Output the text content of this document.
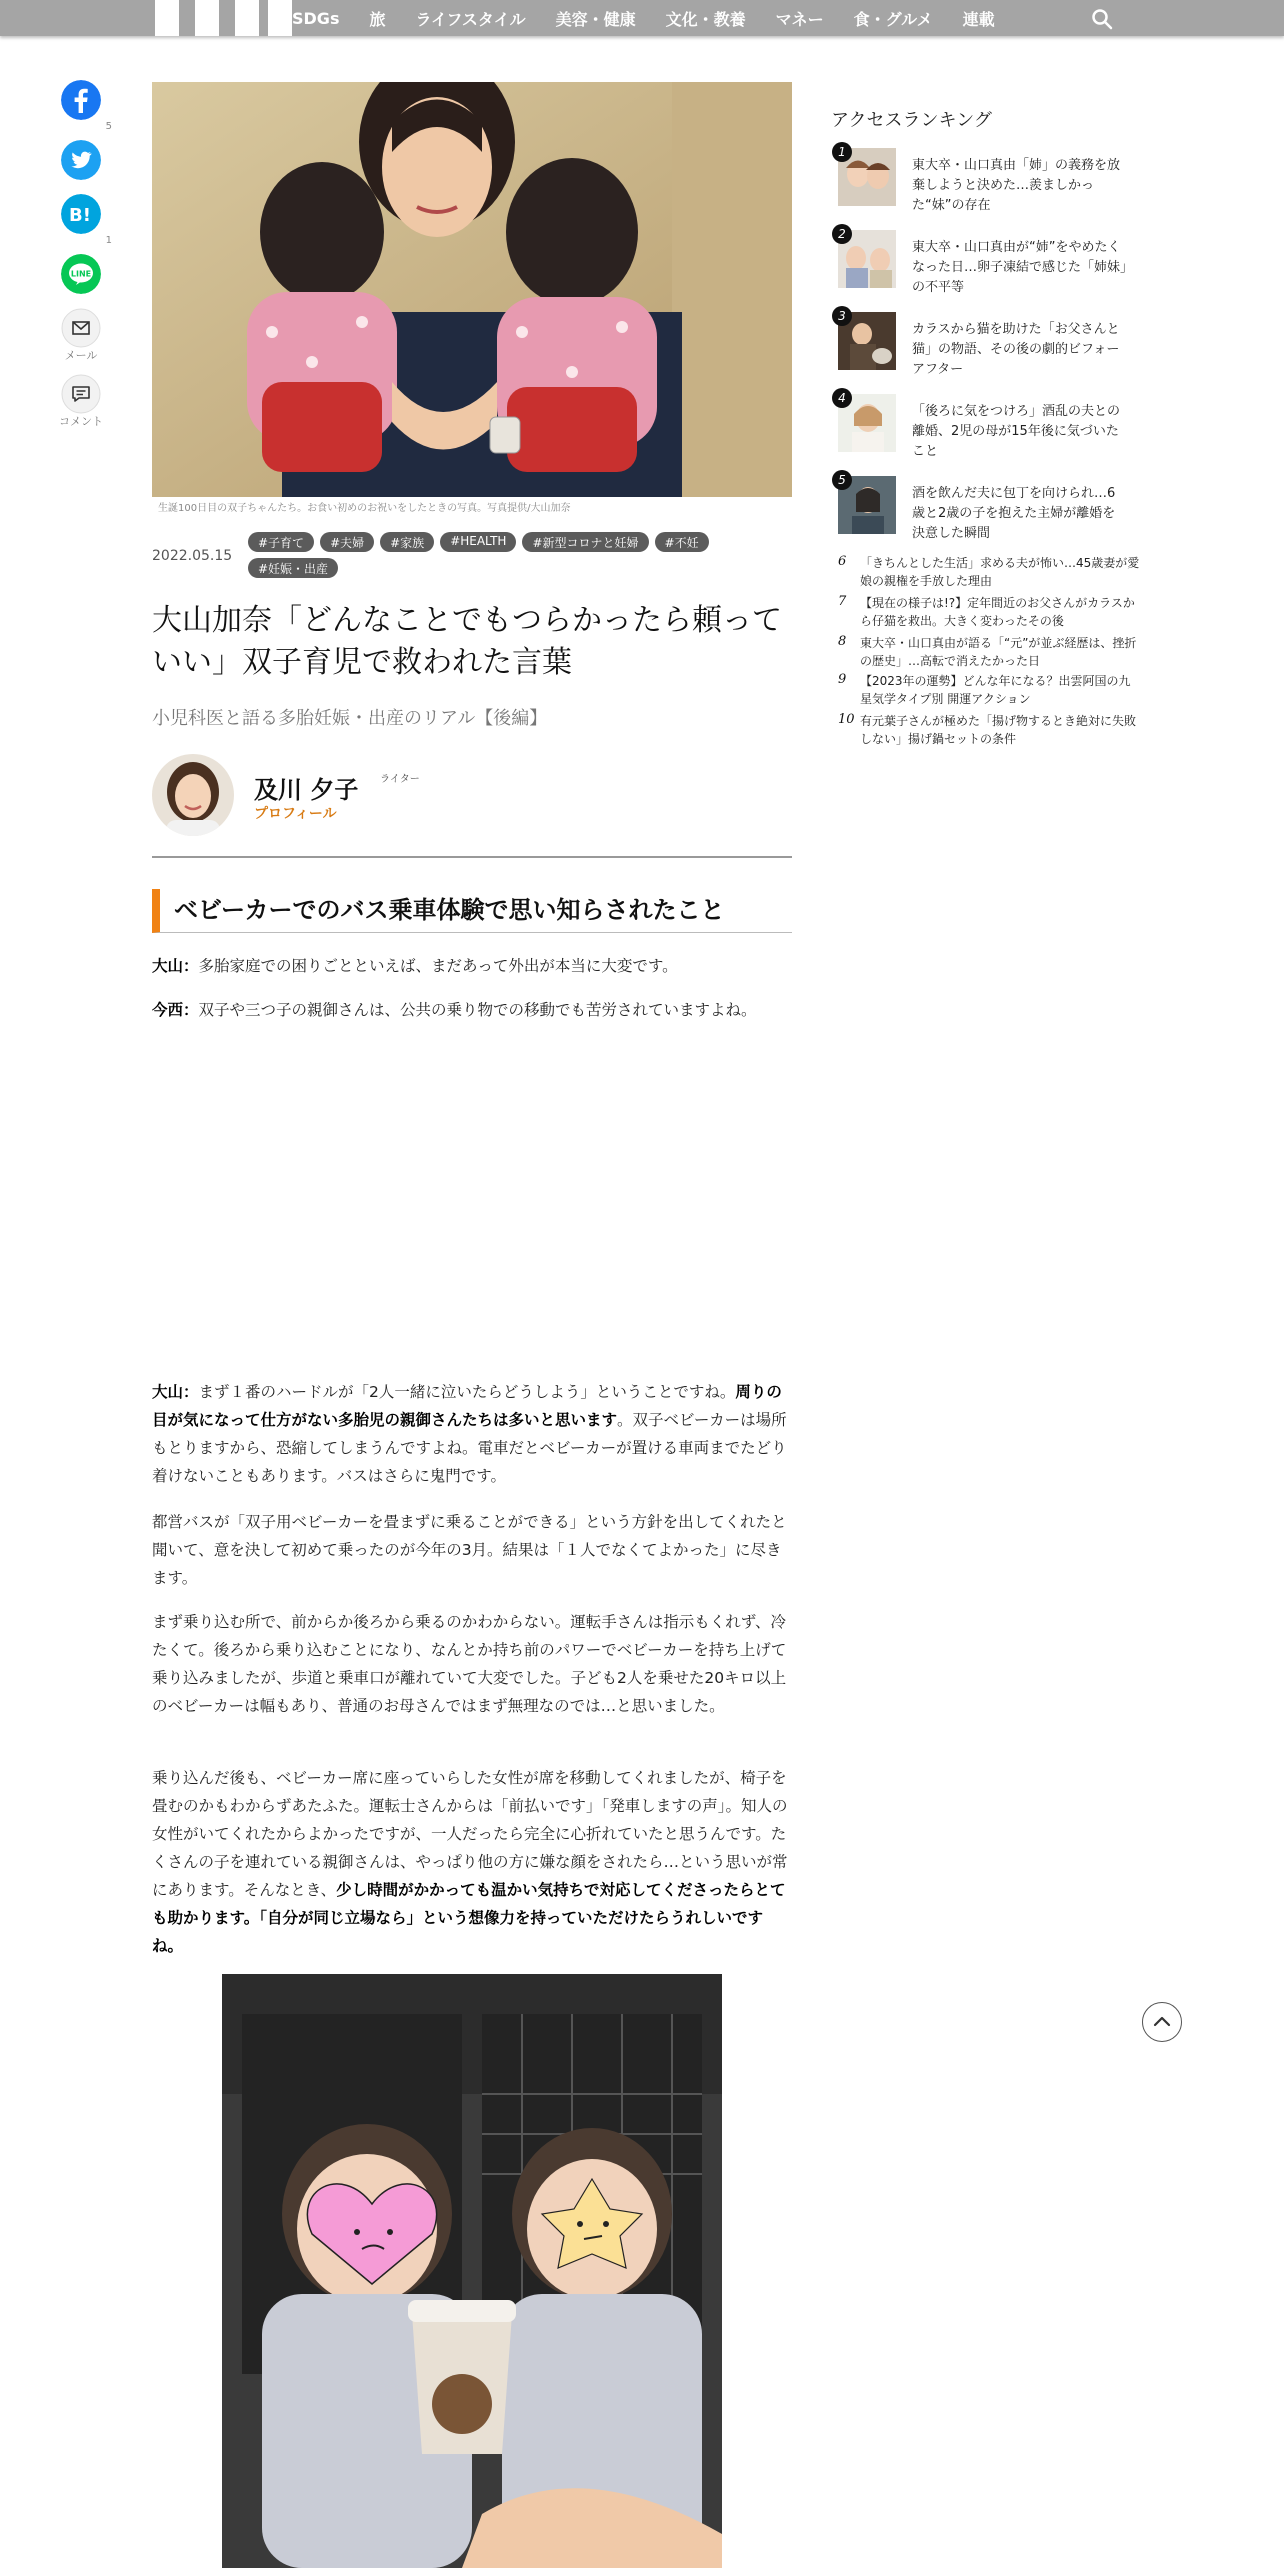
SDGs 旅 ライフスタイル 美容・健康 文化・教養 マネー 食・グルメ 連載
5
B!
1
LINE
メール
コメント
生誕100日目の双子ちゃんたち。お食い初めのお祝いをしたときの写真。写真提供/大山加奈
2022.05.15
#子育て	#夫婦	#家族	#HEALTH	#新型コロナと妊婦	#不妊
#妊娠・出産
大山加奈「どんなことでもつらかったら頼っていい」双子育児で救われた言葉
小児科医と語る多胎妊娠・出産のリアル【後編】
及川 夕子 ライター
プロフィール
ベビーカーでのバス乗車体験で思い知らされたこと

大山：多胎家庭での困りごとといえば、まだあって外出が本当に大変です。

今西：双子や三つ子の親御さんは、公共の乗り物での移動でも苦労されていますよね。

大山：まず１番のハードルが「2人一緒に泣いたらどうしよう」ということですね。周りの目が気になって仕方がない多胎児の親御さんたちは多いと思います。双子ベビーカーは場所もとりますから、恐縮してしまうんですよね。電車だとベビーカーが置ける車両までたどり着けないこともあります。バスはさらに鬼門です。

都営バスが「双子用ベビーカーを畳まずに乗ることができる」という方針を出してくれたと聞いて、意を決して初めて乗ったのが今年の3月。結果は「１人でなくてよかった」に尽きます。

まず乗り込む所で、前からか後ろから乗るのかわからない。運転手さんは指示もくれず、冷たくて。後ろから乗り込むことになり、なんとか持ち前のパワーでベビーカーを持ち上げて乗り込みましたが、歩道と乗車口が離れていて大変でした。子ども2人を乗せた20キロ以上のベビーカーは幅もあり、普通のお母さんではまず無理なのでは…と思いました。

乗り込んだ後も、ベビーカー席に座っていらした女性が席を移動してくれましたが、椅子を畳むのかもわからずあたふた。運転士さんからは「前払いです」「発車しますの声」。知人の女性がいてくれたからよかったですが、一人だったら完全に心折れていたと思うんです。たくさんの子を連れている親御さんは、やっぱり他の方に嫌な顔をされたら…という思いが常にあります。そんなとき、少し時間がかかっても温かい気持ちで対応してくださったらとても助かります。「自分が同じ立場なら」という想像力を持っていただけたらうれしいですね。

アクセスランキング
1
東大卒・山口真由「姉」の義務を放棄しようと決めた…羨ましかった“妹”の存在
2
東大卒・山口真由が“姉”をやめたくなった日…卵子凍結で感じた「姉妹」の不平等
3
カラスから猫を助けた「お父さんと猫」の物語、その後の劇的ビフォーアフター
4
「後ろに気をつけろ」酒乱の夫との離婚、2児の母が15年後に気づいたこと
5
酒を飲んだ夫に包丁を向けられ…6歳と2歳の子を抱えた主婦が離婚を決意した瞬間
6 「きちんとした生活」求める夫が怖い…45歳妻が愛娘の親権を手放した理由
7 【現在の様子は!?】定年間近のお父さんがカラスから仔猫を救出。大きく変わったその後
8 東大卒・山口真由が語る「“元”が並ぶ経歴は、挫折の歴史」…高転で消えたかった日
9 【2023年の運勢】どんな年になる？出雲阿国の九星気学タイプ別 開運アクション
10 有元葉子さんが極めた「揚げ物するとき絶対に失敗しない」揚げ鍋セットの条件
